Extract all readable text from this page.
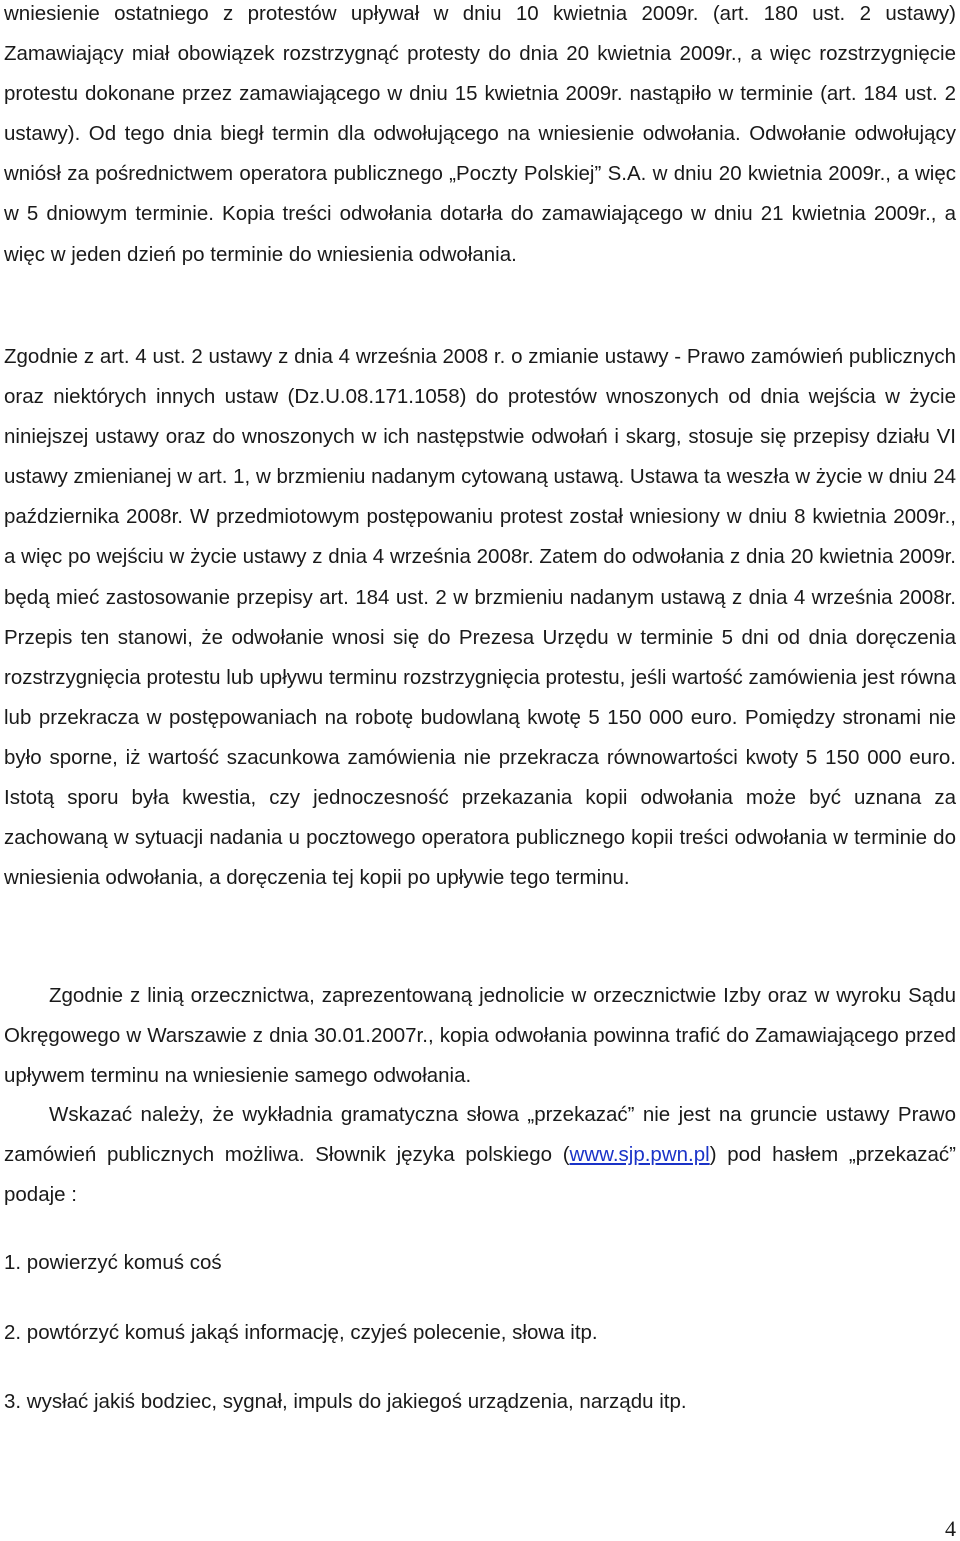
wniesienie ostatniego z protestów upływał w dniu 10 kwietnia 2009r. (art. 180 ust. 2 ustawy) Zamawiający miał obowiązek rozstrzygnąć protesty do dnia 20 kwietnia 2009r., a więc rozstrzygnięcie protestu dokonane przez zamawiającego w dniu 15 kwietnia 2009r. nastąpiło w terminie (art. 184 ust. 2 ustawy). Od tego dnia biegł termin dla odwołującego na wniesienie odwołania. Odwołanie odwołujący wniósł za pośrednictwem operatora publicznego „Poczty Polskiej” S.A. w dniu 20 kwietnia 2009r., a więc w 5 dniowym terminie. Kopia treści odwołania dotarła do zamawiającego w dniu 21 kwietnia 2009r., a więc w jeden dzień po terminie do wniesienia odwołania.

Zgodnie z art. 4 ust. 2 ustawy z dnia 4 września 2008 r. o zmianie ustawy - Prawo zamówień publicznych oraz niektórych innych ustaw (Dz.U.08.171.1058) do protestów wnoszonych od dnia wejścia w życie niniejszej ustawy oraz do wnoszonych w ich następstwie odwołań i skarg, stosuje się przepisy działu VI ustawy zmienianej w art. 1, w brzmieniu nadanym cytowaną ustawą. Ustawa ta weszła w życie w dniu 24 października 2008r. W przedmiotowym postępowaniu protest został wniesiony w dniu 8 kwietnia 2009r., a więc po wejściu w życie ustawy z dnia 4 września 2008r. Zatem do odwołania z dnia 20 kwietnia 2009r. będą mieć zastosowanie przepisy art. 184 ust. 2 w brzmieniu nadanym ustawą z dnia 4 września 2008r. Przepis ten stanowi, że odwołanie wnosi się do Prezesa Urzędu w terminie 5 dni od dnia doręczenia rozstrzygnięcia protestu lub upływu terminu rozstrzygnięcia protestu, jeśli wartość zamówienia jest równa lub przekracza w postępowaniach na robotę budowlaną kwotę 5 150 000 euro. Pomiędzy stronami nie było sporne, iż wartość szacunkowa zamówienia nie przekracza równowartości kwoty 5 150 000 euro. Istotą sporu była kwestia, czy jednoczesność przekazania kopii odwołania może być uznana za zachowaną w sytuacji nadania u pocztowego operatora publicznego kopii treści odwołania w terminie do wniesienia odwołania, a doręczenia tej kopii po upływie tego terminu.

Zgodnie z linią orzecznictwa, zaprezentowaną jednolicie w orzecznictwie Izby oraz w wyroku Sądu Okręgowego w Warszawie z dnia 30.01.2007r., kopia odwołania powinna trafić do Zamawiającego przed upływem terminu na wniesienie samego odwołania.

Wskazać należy, że wykładnia gramatyczna słowa „przekazać” nie jest na gruncie ustawy Prawo zamówień publicznych możliwa. Słownik języka polskiego (www.sjp.pwn.pl) pod hasłem „przekazać” podaje :

1. powierzyć komuś coś

2. powtórzyć komuś jakąś informację, czyjeś polecenie, słowa itp.

3. wysłać jakiś bodziec, sygnał, impuls do jakiegoś urządzenia, narządu itp.

4
